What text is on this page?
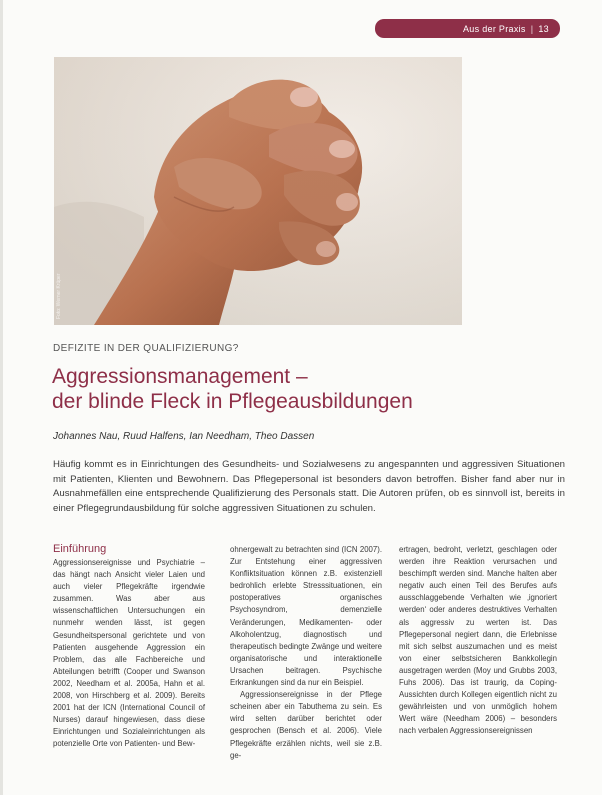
Aus der Praxis | 13
Foto: Werner Krüper
DEFIZITE IN DER QUALIFIZIERUNG?
Aggressionsmanagement –
der blinde Fleck in Pflegeausbildungen
Johannes Nau, Ruud Halfens, Ian Needham, Theo Dassen
Häufig kommt es in Einrichtungen des Gesundheits- und Sozialwesens zu angespannten und aggressiven Situationen mit Patienten, Klienten und Bewohnern. Das Pflegepersonal ist besonders davon betroffen. Bisher fand aber nur in Ausnahmefällen eine entsprechende Qualifizierung des Personals statt. Die Autoren prüfen, ob es sinnvoll ist, bereits in einer Pflegegrundausbildung für solche aggressiven Situationen zu schulen.
Einführung

Aggressionsereignisse und Psychiatrie – das hängt nach Ansicht vieler Laien und auch vieler Pflegekräfte irgendwie zusammen. Was aber aus wissenschaftlichen Untersuchungen ein nunmehr wenden lässt, ist gegen Gesundheitspersonal gerichtete und von Patienten ausgehende Aggression ein Problem, das alle Fachbereiche und Abteilungen betrifft (Cooper und Swanson 2002, Needham et al. 2005a, Hahn et al. 2008, von Hirschberg et al. 2009). Bereits 2001 hat der ICN (International Council of Nurses) darauf hingewiesen, dass diese Einrichtungen und Sozialeinrichtungen als potenzielle Orte von Patienten- und Bew-

ohnergewalt zu betrachten sind (ICN 2007). Zur Entstehung einer aggressiven Konfliktsituation können z.B. existenziell bedrohlich erlebte Stresssituationen, ein postoperatives organisches Psychosyndrom, demenzielle Veränderungen, Medikamenten- oder Alkoholentzug, diagnostisch und therapeutisch bedingte Zwänge und weitere organisatorische und interaktionelle Ursachen beitragen. Psychische Erkrankungen sind da nur ein Beispiel.

Aggressionsereignisse in der Pflege scheinen aber ein Tabuthema zu sein. Es wird selten darüber berichtet oder gesprochen (Bensch et al. 2006). Viele Pflegekräfte erzählen nichts, weil sie z.B. ge-

ertragen, bedroht, verletzt, geschlagen oder werden ihre Reaktion verursachen und beschimpft werden sind. Manche halten aber negativ auch einen Teil des Berufes aufs ausschlaggebende Verhalten wie ‚ignoriert werden‘ oder anderes destruktives Verhalten als aggressiv zu werten ist. Das Pflegepersonal negiert dann, die Erlebnisse mit sich selbst auszumachen und es meist von einer selbstsicheren Bankkollegin ausgetragen werden (Moy und Grubbs 2003, Fuhs 2006). Das ist traurig, da Coping-Aussichten durch Kollegen eigentlich nicht zu gewährleisten und von unmöglich hohem Wert wäre (Needham 2006) – besonders nach verbalen Aggressionsereignissen
